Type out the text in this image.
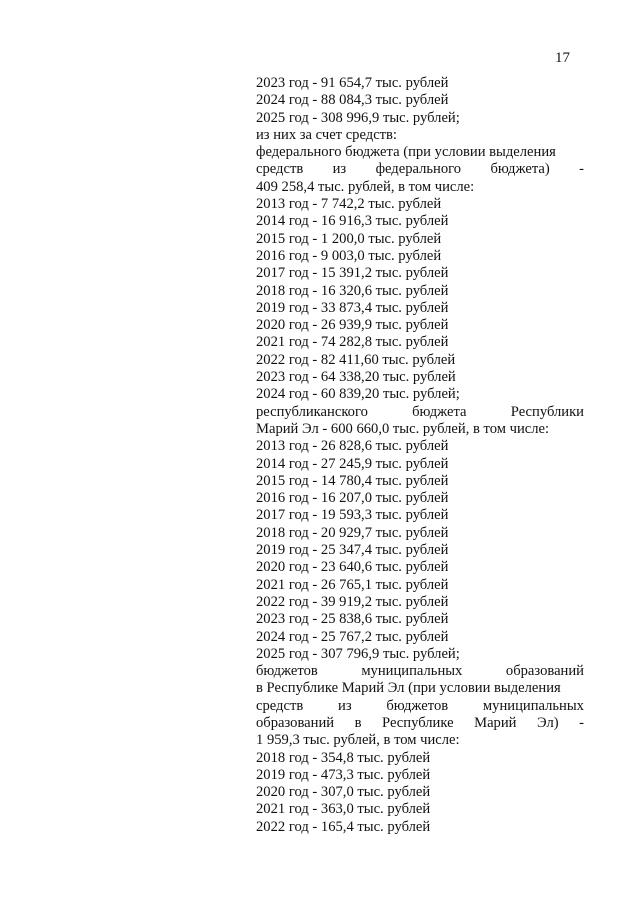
17
2023 год - 91 654,7 тыс. рублей
2024 год - 88 084,3 тыс. рублей
2025 год - 308 996,9 тыс. рублей;
из них за счет средств:
федерального бюджета (при условии выделения
средств из федерального бюджета) -
409 258,4 тыс. рублей, в том числе:
2013 год - 7 742,2 тыс. рублей
2014 год - 16 916,3 тыс. рублей
2015 год - 1 200,0 тыс. рублей
2016 год - 9 003,0 тыс. рублей
2017 год - 15 391,2 тыс. рублей
2018 год - 16 320,6 тыс. рублей
2019 год - 33 873,4 тыс. рублей
2020 год - 26 939,9 тыс. рублей
2021 год - 74 282,8 тыс. рублей
2022 год - 82 411,60 тыс. рублей
2023 год - 64 338,20 тыс. рублей
2024 год - 60 839,20 тыс. рублей;
республиканского	бюджета	Республики
Марий Эл - 600 660,0 тыс. рублей, в том числе:
2013 год - 26 828,6 тыс. рублей
2014 год - 27 245,9 тыс. рублей
2015 год - 14 780,4 тыс. рублей
2016 год - 16 207,0 тыс. рублей
2017 год - 19 593,3 тыс. рублей
2018 год - 20 929,7 тыс. рублей
2019 год - 25 347,4 тыс. рублей
2020 год - 23 640,6 тыс. рублей
2021 год - 26 765,1 тыс. рублей
2022 год - 39 919,2 тыс. рублей
2023 год - 25 838,6 тыс. рублей
2024 год - 25 767,2 тыс. рублей
2025 год - 307 796,9 тыс. рублей;
бюджетов	муниципальных	образований
в Республике Марий Эл (при условии выделения
средств из бюджетов муниципальных
образований в Республике Марий Эл) -
1 959,3 тыс. рублей, в том числе:
2018 год - 354,8 тыс. рублей
2019 год - 473,3 тыс. рублей
2020 год - 307,0 тыс. рублей
2021 год - 363,0 тыс. рублей
2022 год - 165,4 тыс. рублей
